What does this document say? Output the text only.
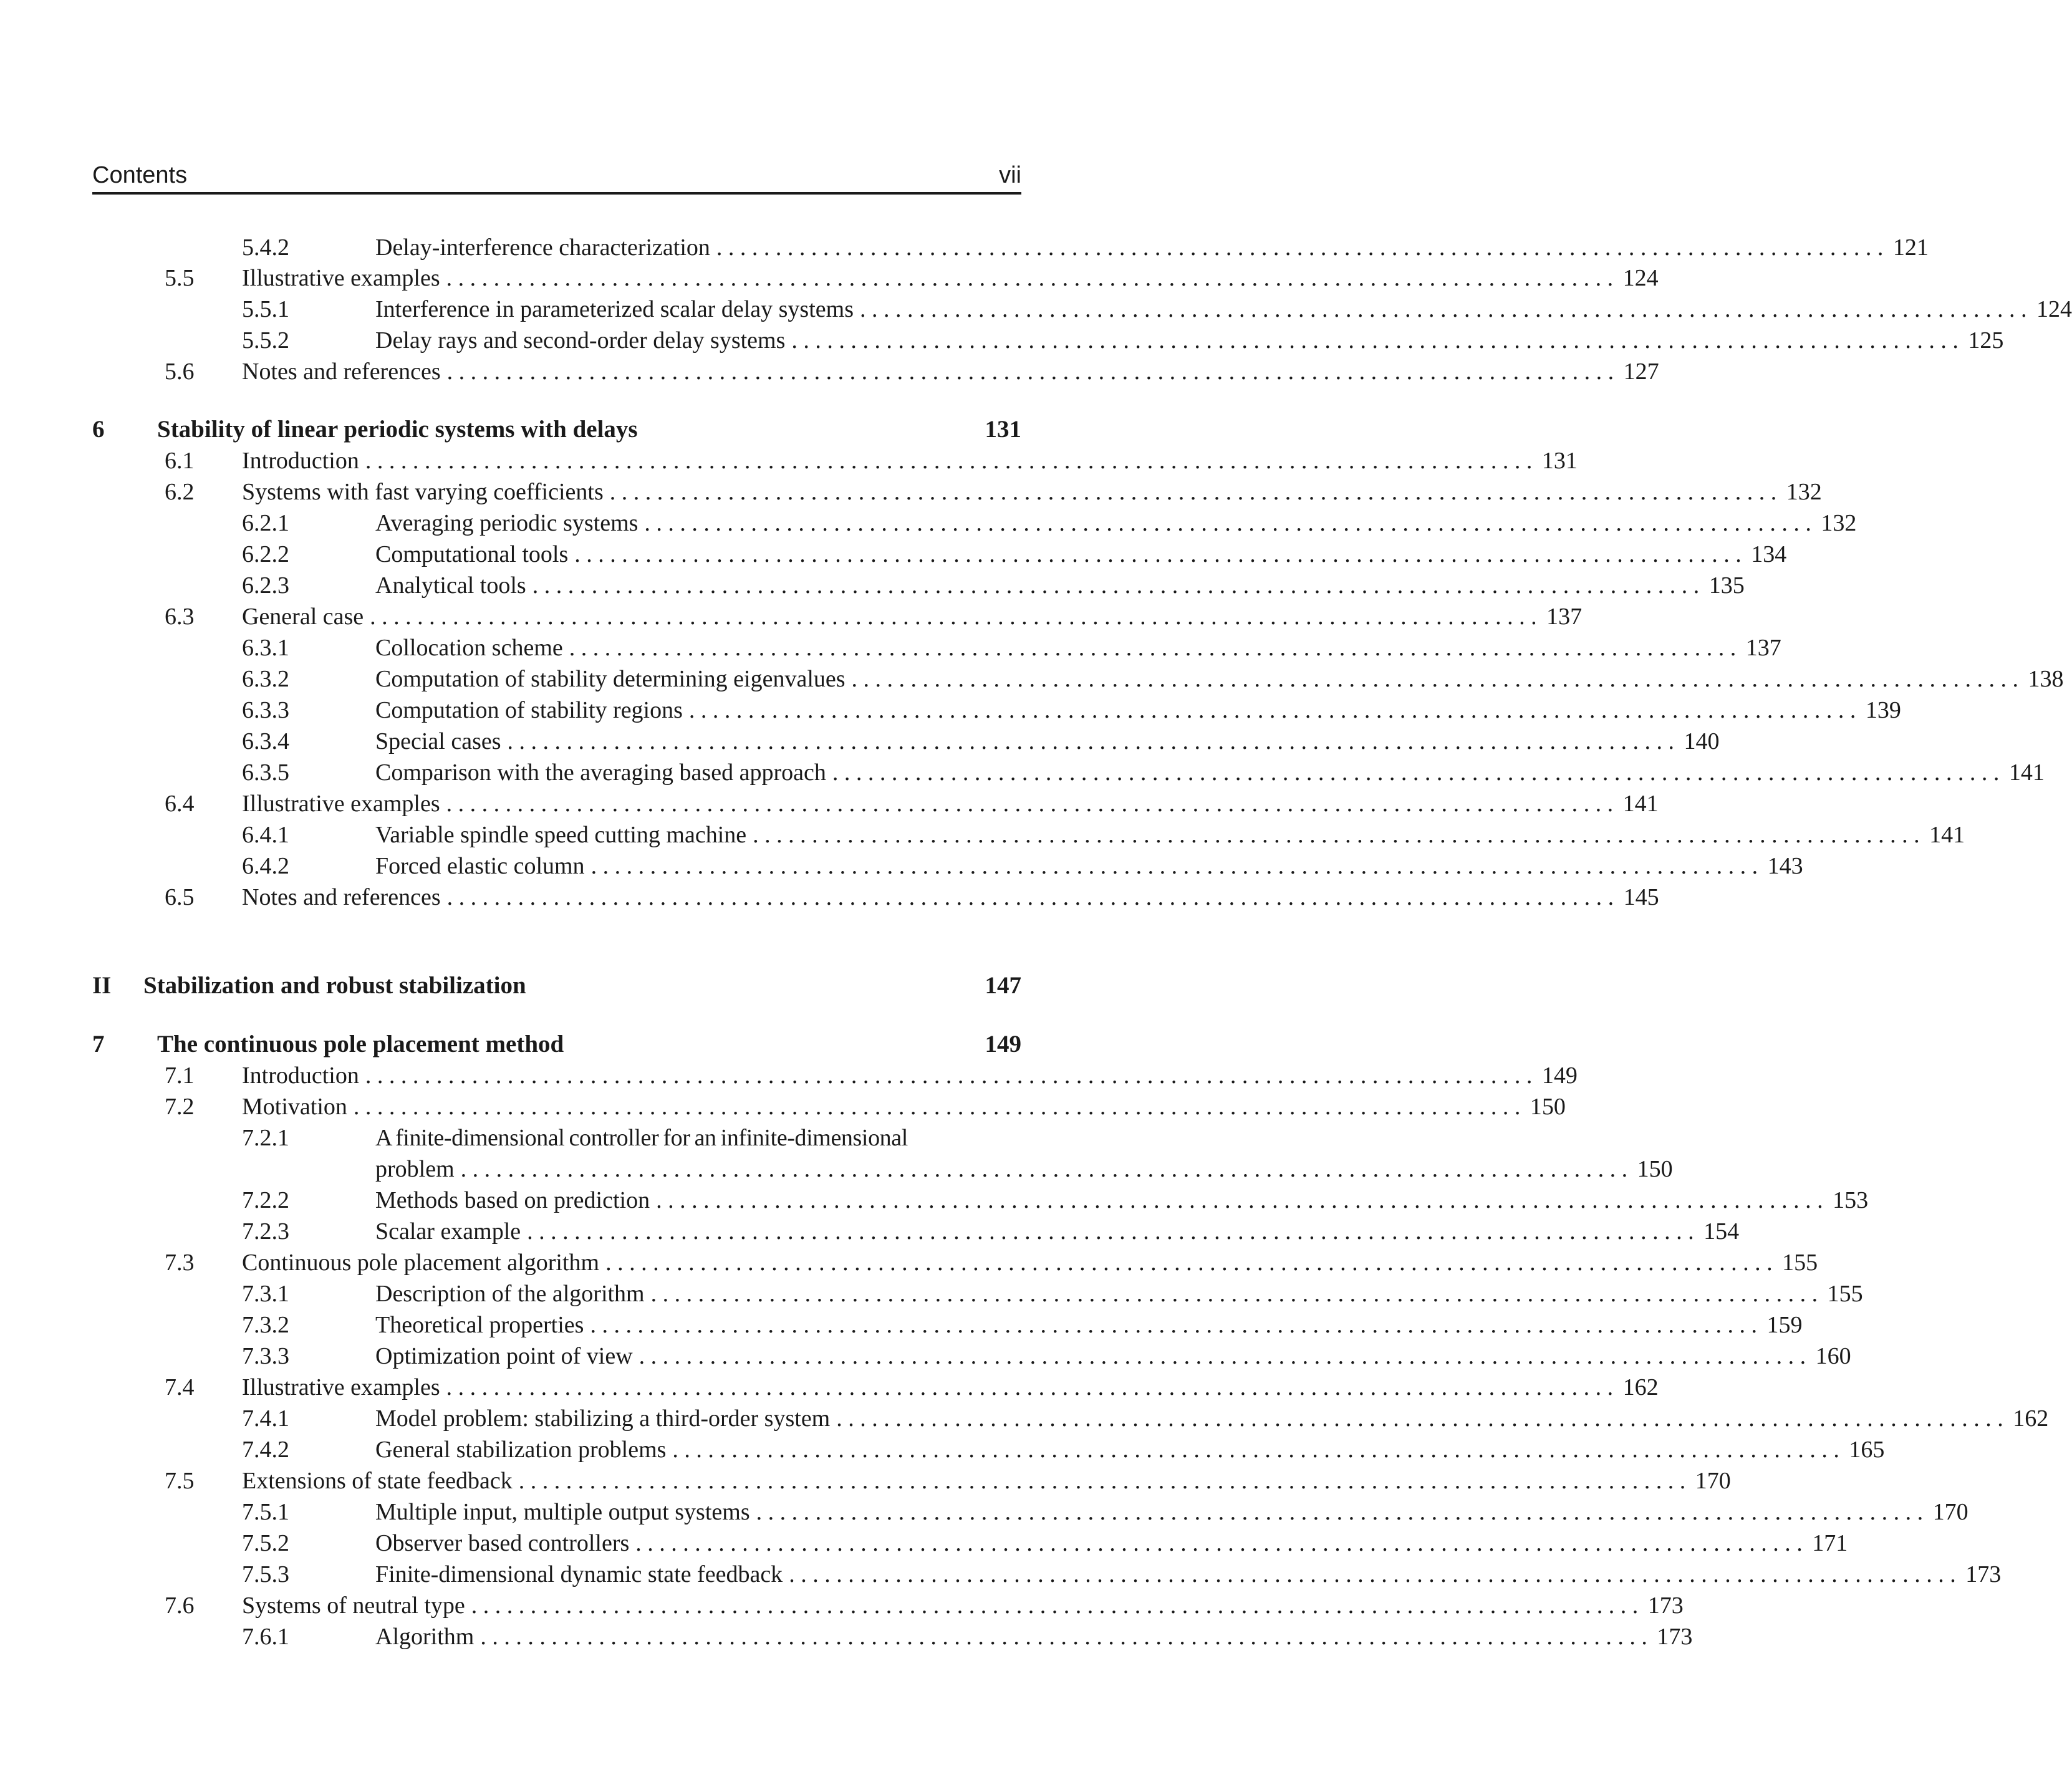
Contents	vii
5.4.2	Delay-interference characterization ................................................................................................... 121
5.5 Illustrative examples ................................................................................................... 124
5.5.1	Interference in parameterized scalar delay systems ................................................................................................... 124
5.5.2	Delay rays and second-order delay systems ................................................................................................... 125
5.6 Notes and references ................................................................................................... 127
6 Stability of linear periodic systems with delays	131
6.1 Introduction ................................................................................................... 131
6.2 Systems with fast varying coefficients ................................................................................................... 132
6.2.1	Averaging periodic systems ................................................................................................... 132
6.2.2	Computational tools ................................................................................................... 134
6.2.3	Analytical tools ................................................................................................... 135
6.3 General case ................................................................................................... 137
6.3.1	Collocation scheme ................................................................................................... 137
6.3.2	Computation of stability determining eigenvalues ................................................................................................... 138
6.3.3	Computation of stability regions ................................................................................................... 139
6.3.4	Special cases ................................................................................................... 140
6.3.5	Comparison with the averaging based approach ................................................................................................... 141
6.4 Illustrative examples ................................................................................................... 141
6.4.1	Variable spindle speed cutting machine ................................................................................................... 141
6.4.2	Forced elastic column ................................................................................................... 143
6.5 Notes and references ................................................................................................... 145
II Stabilization and robust stabilization	147
7 The continuous pole placement method	149
7.1 Introduction ................................................................................................... 149
7.2 Motivation ................................................................................................... 150
7.2.1	A finite-dimensional controller for an infinite-dimensional
problem ................................................................................................... 150
7.2.2	Methods based on prediction ................................................................................................... 153
7.2.3	Scalar example ................................................................................................... 154
7.3 Continuous pole placement algorithm ................................................................................................... 155
7.3.1	Description of the algorithm ................................................................................................... 155
7.3.2	Theoretical properties ................................................................................................... 159
7.3.3	Optimization point of view ................................................................................................... 160
7.4 Illustrative examples ................................................................................................... 162
7.4.1	Model problem: stabilizing a third-order system ................................................................................................... 162
7.4.2	General stabilization problems ................................................................................................... 165
7.5 Extensions of state feedback ................................................................................................... 170
7.5.1	Multiple input, multiple output systems ................................................................................................... 170
7.5.2	Observer based controllers ................................................................................................... 171
7.5.3	Finite-dimensional dynamic state feedback ................................................................................................... 173
7.6 Systems of neutral type ................................................................................................... 173
7.6.1	Algorithm ................................................................................................... 173
